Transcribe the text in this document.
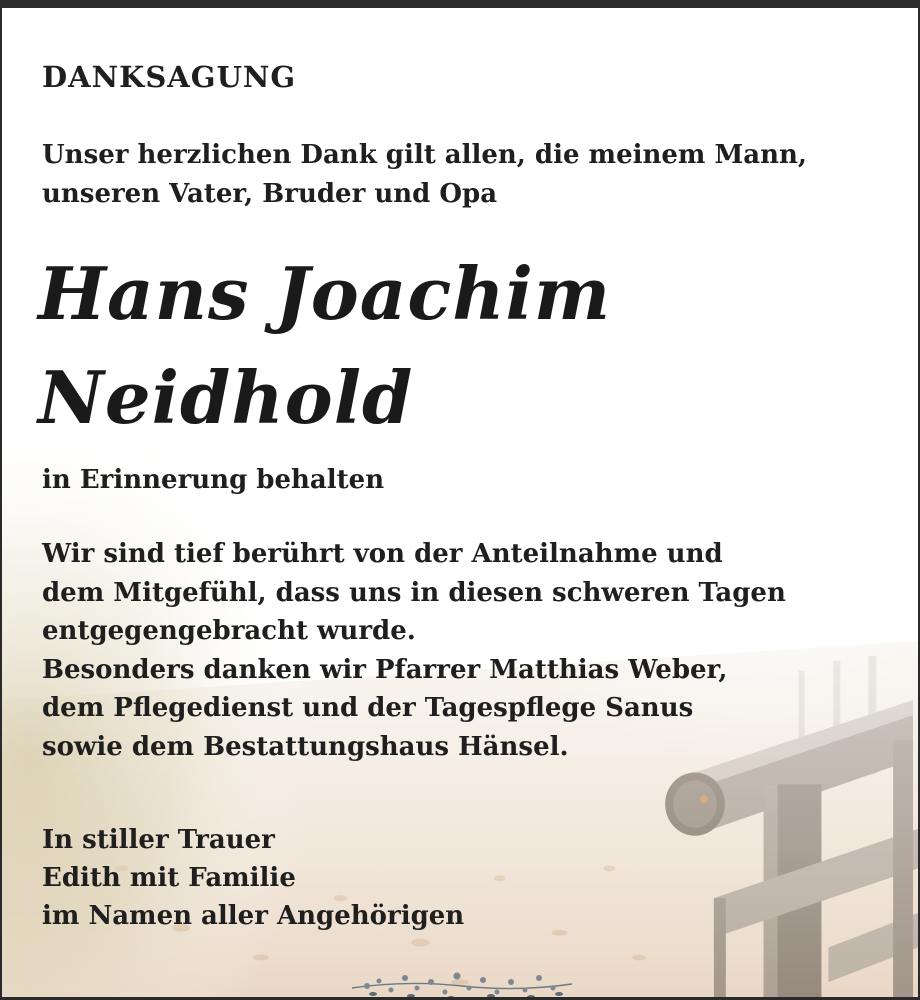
DANKSAGUNG
Unser herzlichen Dank gilt allen, die meinem Mann,
unseren Vater, Bruder und Opa
Hans Joachim
Neidhold
in Erinnerung behalten
Wir sind tief berührt von der Anteilnahme und
dem Mitgefühl, dass uns in diesen schweren Tagen
entgegengebracht wurde.
Besonders danken wir Pfarrer Matthias Weber,
dem Pflegedienst und der Tagespflege Sanus
sowie dem Bestattungshaus Hänsel.
In stiller Trauer
Edith mit Familie
im Namen aller Angehörigen
